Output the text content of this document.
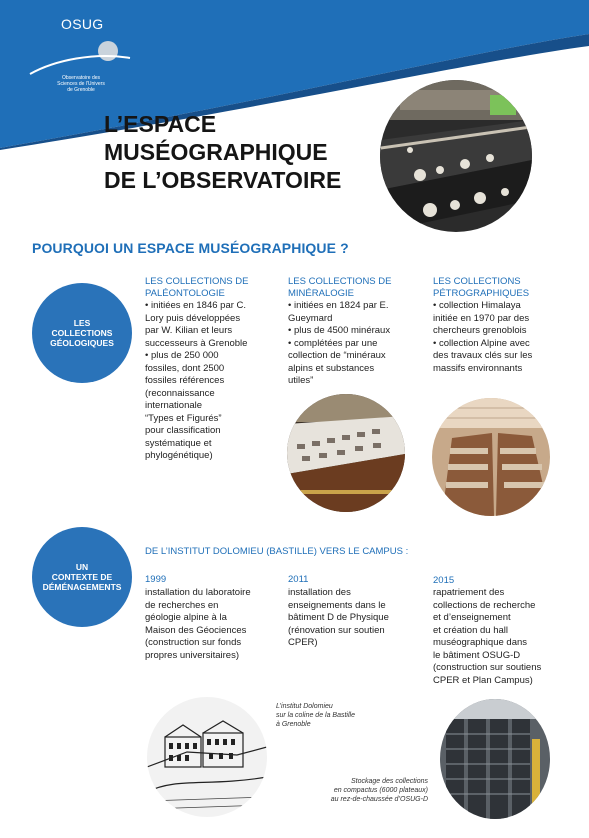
OSUG
Observatoire des
Sciences de l'Univers
de Grenoble
L’ESPACE
MUSÉOGRAPHIQUE
DE L’OBSERVATOIRE
POURQUOI UN ESPACE MUSÉOGRAPHIQUE ?
LES
COLLECTIONS
GÉOLOGIQUES
LES COLLECTIONS DE
PALÉONTOLOGIE
• initiées en 1846 par C.
Lory puis développées
par W. Kilian et leurs
successeurs à Grenoble
• plus de 250 000
fossiles, dont 2500
fossiles références
(reconnaissance
internationale
“Types et Figurés”
pour classification
systématique et
phylogénétique)
LES COLLECTIONS DE
MINÉRALOGIE
• initiées en 1824 par E.
Gueymard
• plus de 4500 minéraux
• complétées par une
collection de “minéraux
alpins et substances
utiles”
LES COLLECTIONS
PÉTROGRAPHIQUES
• collection Himalaya
initiée en 1970 par des
chercheurs grenoblois
• collection Alpine avec
des travaux clés sur les
massifs environnants
UN
CONTEXTE DE
DÉMÉNAGEMENTS
DE L’INSTITUT DOLOMIEU (BASTILLE) VERS LE CAMPUS :
1999
installation du laboratoire
de recherches en
géologie alpine à la
Maison des Géociences
(construction sur fonds
propres universitaires)
2011
installation des
enseignements dans le
bâtiment D de Physique
(rénovation sur soutien
CPER)
2015
rapatriement des
collections de recherche
et d’enseignement
et création du hall
muséographique dans
le bâtiment OSUG-D
(construction sur soutiens
CPER et Plan Campus)
L’institut Dolomieu
sur la coline de la Bastille
à Grenoble
Stockage des collections
en compactus (6000 plateaux)
au rez-de-chaussée d’OSUG-D
